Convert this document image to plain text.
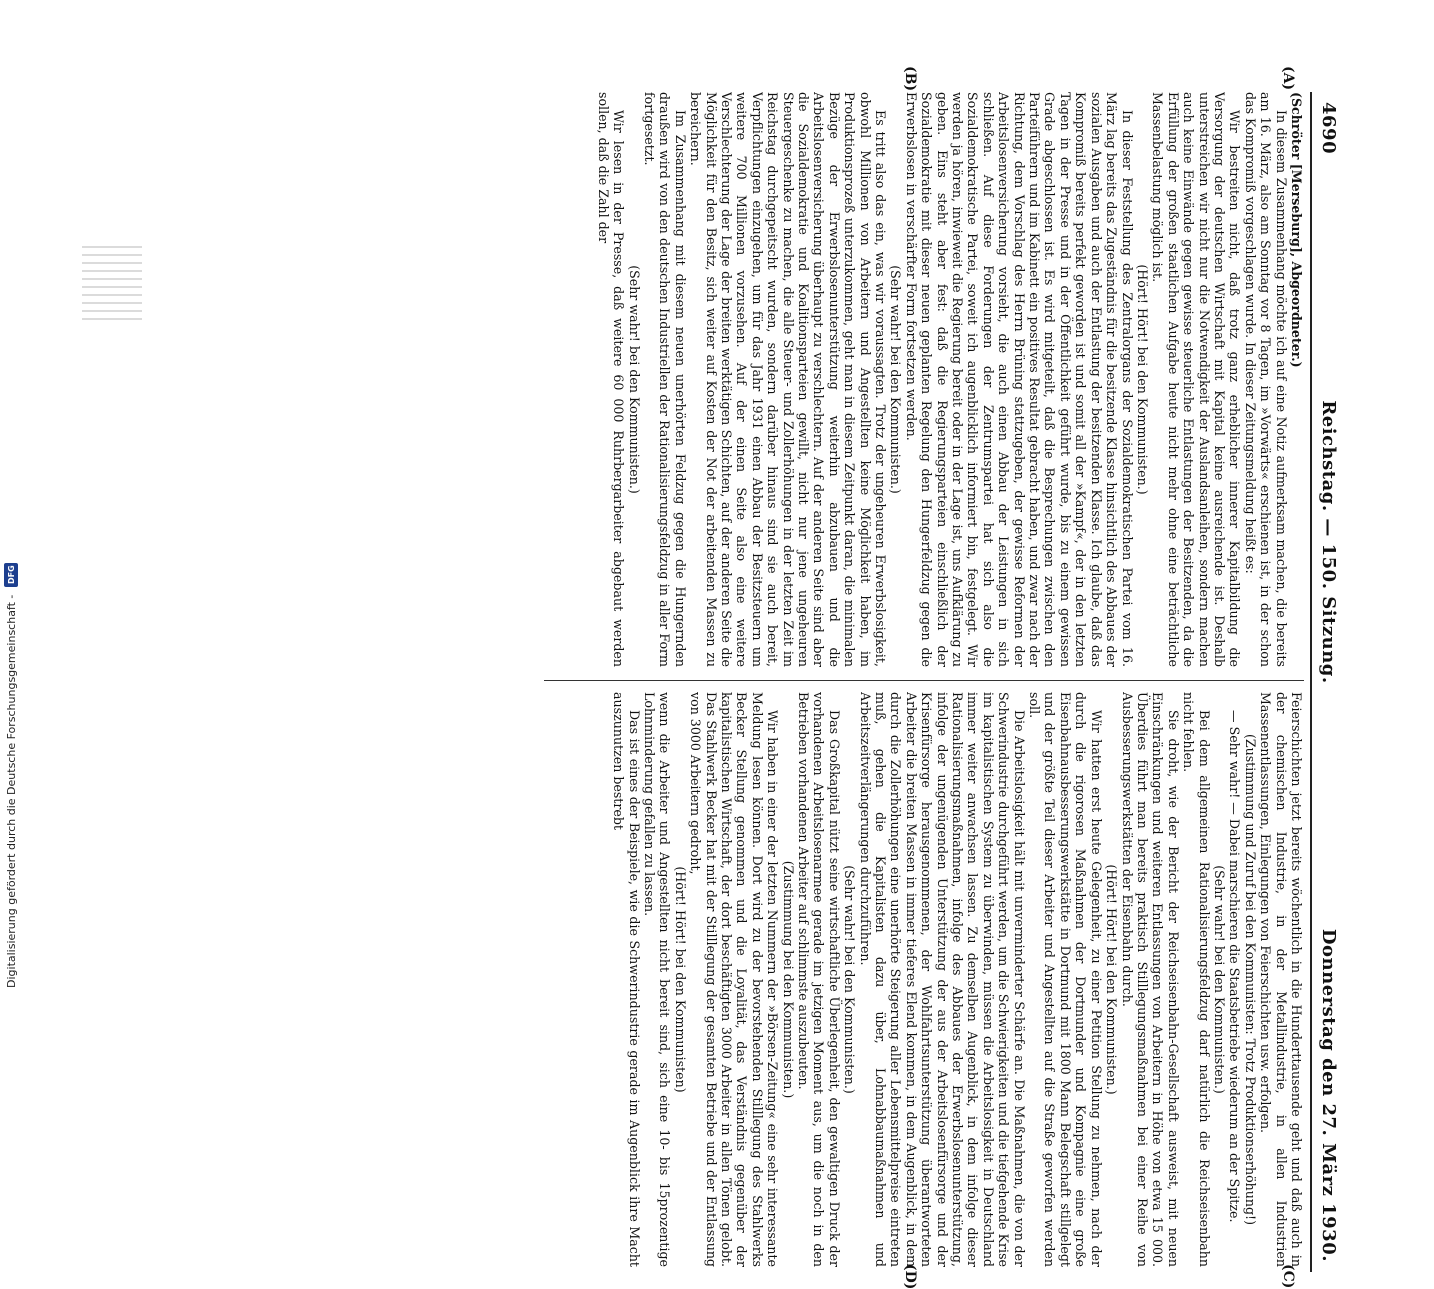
4690
Reichstag. — 150. Sitzung.
Donnerstag den 27. März 1930.

(Schröter [Merseburg], Abgeordneter.)

In diesem Zusammenhang möchte ich auf eine Notiz aufmerksam machen, die bereits am 16. März, also am Sonntag vor 8 Tagen, im »Vorwärts« erschienen ist, in der schon das Kompromiß vorgeschlagen wurde. In dieser Zeitungsmeldung heißt es:

Wir bestreiten nicht, daß trotz ganz erheblicher innerer Kapitalbildung die Versorgung der deutschen Wirtschaft mit Kapital keine ausreichende ist. Deshalb unterstreichen wir nicht nur die Notwendigkeit der Auslandsanleihen, sondern machen auch keine Einwände gegen gewisse steuerliche Entlastungen der Besitzenden, da die Erfüllung der großen staatlichen Aufgabe heute nicht mehr ohne eine beträchtliche Massenbelastung möglich ist.

(Hört! Hört! bei den Kommunisten.)

In dieser Feststellung des Zentralorgans der Sozialdemokratischen Partei vom 16. März lag bereits das Zugeständnis für die besitzende Klasse hinsichtlich des Abbaues der sozialen Ausgaben und auch der Entlastung der besitzenden Klasse. Ich glaube, daß das Kompromiß bereits perfekt geworden ist und somit all der »Kampf«, der in den letzten Tagen in der Presse und in der Öffentlichkeit geführt wurde, bis zu einem gewissen Grade abgeschlossen ist. Es wird mitgeteilt, daß die Besprechungen zwischen den Parteiführern und im Kabinett ein positives Resultat gebracht haben, und zwar nach der Richtung, dem Vorschlag des Herrn Brüning stattzugeben, der gewisse Reformen der Arbeitslosenversicherung vorsieht, die auch einen Abbau der Leistungen in sich schließen. Auf diese Forderungen der Zentrumspartei hat sich also die Sozialdemokratische Partei, soweit ich augenblicklich informiert bin, festgelegt. Wir werden ja hören, inwieweit die Regierung bereit oder in der Lage ist, uns Aufklärung zu geben. Eins steht aber fest: daß die Regierungsparteien einschließlich der Sozialdemokratie mit dieser neuen geplanten Regelung den Hungerfeldzug gegen die Erwerbslosen in verschärfter Form fortsetzen werden.

(Sehr wahr! bei den Kommunisten.)

Es tritt also das ein, was wir voraussagten. Trotz der ungeheuren Erwerbslosigkeit, obwohl Millionen von Arbeitern und Angestellten keine Möglichkeit haben, im Produktionsprozeß unterzukommen, geht man in diesem Zeitpunkt daran, die minimalen Bezüge der Erwerbslosenunterstützung weiterhin abzubauen und die Arbeitslosenversicherung überhaupt zu verschlechtern. Auf der anderen Seite sind aber die Sozialdemokratie und Koalitionsparteien gewillt, nicht nur jene ungeheuren Steuergeschenke zu machen, die alle Steuer- und Zollerhöhungen in der letzten Zeit im Reichstag durchgepeitscht wurden, sondern darüber hinaus sind sie auch bereit, Verpflichtungen einzugehen, um für das Jahr 1931 einen Abbau der Besitzsteuern um weitere 700 Millionen vorzusehen. Auf der einen Seite also eine weitere Verschlechterung der Lage der breiten werktätigen Schichten, auf der anderen Seite die Möglichkeit für den Besitz, sich weiter auf Kosten der Not der arbeitenden Massen zu bereichern.

Im Zusammenhang mit diesem neuen unerhörten Feldzug gegen die Hungernden draußen wird von den deutschen Industriellen der Rationalisierungsfeldzug in aller Form fortgesetzt.

(Sehr wahr! bei den Kommunisten.)

Wir lesen in der Presse, daß weitere 60 000 Ruhrbergarbeiter abgebaut werden sollen, daß die Zahl der

Feierschichten jetzt bereits wöchentlich in die Hunderttausende geht und daß auch in der chemischen Industrie, in der Metallindustrie, in allen Industrien Massenentlassungen, Einlegungen von Feierschichten usw. erfolgen.

(Zustimmung und Zuruf bei den Kommunisten: Trotz Produktionserhöhung!)

— Sehr wahr! — Dabei marschieren die Staatsbetriebe wiederum an der Spitze.

(Sehr wahr! bei den Kommunisten.)

Bei dem allgemeinen Rationalisierungsfeldzug darf natürlich die Reichseisenbahn nicht fehlen.

Sie droht, wie der Bericht der Reichseisenbahn-Gesellschaft ausweist, mit neuen Einschränkungen und weiteren Entlassungen von Arbeitern in Höhe von etwa 15 000. Überdies führt man bereits praktisch Stilllegungsmaßnahmen bei einer Reihe von Ausbesserungswerkstätten der Eisenbahn durch.

(Hört! Hört! bei den Kommunisten.)

Wir hatten erst heute Gelegenheit, zu einer Petition Stellung zu nehmen, nach der durch die rigorosen Maßnahmen der Dortmunder und Kompagnie eine große Eisenbahnausbesserungswerkstätte in Dortmund mit 1800 Mann Belegschaft stillgelegt und der größte Teil dieser Arbeiter und Angestellten auf die Straße geworfen werden soll.

Die Arbeitslosigkeit hält mit unverminderter Schärfe an. Die Maßnahmen, die von der Schwerindustrie durchgeführt werden, um die Schwierigkeiten und die tiefgehende Krise im kapitalistischen System zu überwinden, müssen die Arbeitslosigkeit in Deutschland immer weiter anwachsen lassen. Zu demselben Augenblick, in dem infolge dieser Rationalisierungsmaßnahmen, infolge des Abbaues der Erwerbslosenunterstützung, infolge der ungenügenden Unterstützung der aus der Arbeitslosenfürsorge und der Krisenfürsorge herausgenommenen, der Wohlfahrtsunterstützung überantworteten Arbeiter die breiten Massen in immer tieferes Elend kommen, in dem Augenblick, in dem durch die Zollerhöhungen eine unerhörte Steigerung aller Lebensmittelpreise eintreten muß, gehen die Kapitalisten dazu über, Lohnabbaumaßnahmen und Arbeitszeitverlängerungen durchzuführen.

(Sehr wahr! bei den Kommunisten.)

Das Großkapital nützt seine wirtschaftliche Überlegenheit, den gewaltigen Druck der vorhandenen Arbeitslosenarmee gerade im jetzigen Moment aus, um die noch in den Betrieben vorhandenen Arbeiter auf schlimmste auszubeuten.

(Zustimmung bei den Kommunisten.)

Wir haben in einer der letzten Nummern der »Börsen-Zeitung« eine sehr interessante Meldung lesen können. Dort wird zu der bevorstehenden Stilllegung des Stahlwerks Becker Stellung genommen und die Loyalität, das Verständnis gegenüber der kapitalistischen Wirtschaft, der dort beschäftigten 3000 Arbeiter in allen Tönen gelobt. Das Stahlwerk Becker hat mit der Stilllegung der gesamten Betriebe und der Entlassung von 3000 Arbeitern gedroht,

(Hört! Hört! bei den Kommunisten)

wenn die Arbeiter und Angestellten nicht bereit sind, sich eine 10- bis 15prozentige Lohnminderung gefallen zu lassen.

Das ist eines der Beispiele, wie die Schwerindustrie gerade im Augenblick ihre Macht auszunutzen bestrebt

(A)
(B)
(C)
(D)
Digitalisierung gefördert durch die Deutsche Forschungsgemeinschaft -
DFG
